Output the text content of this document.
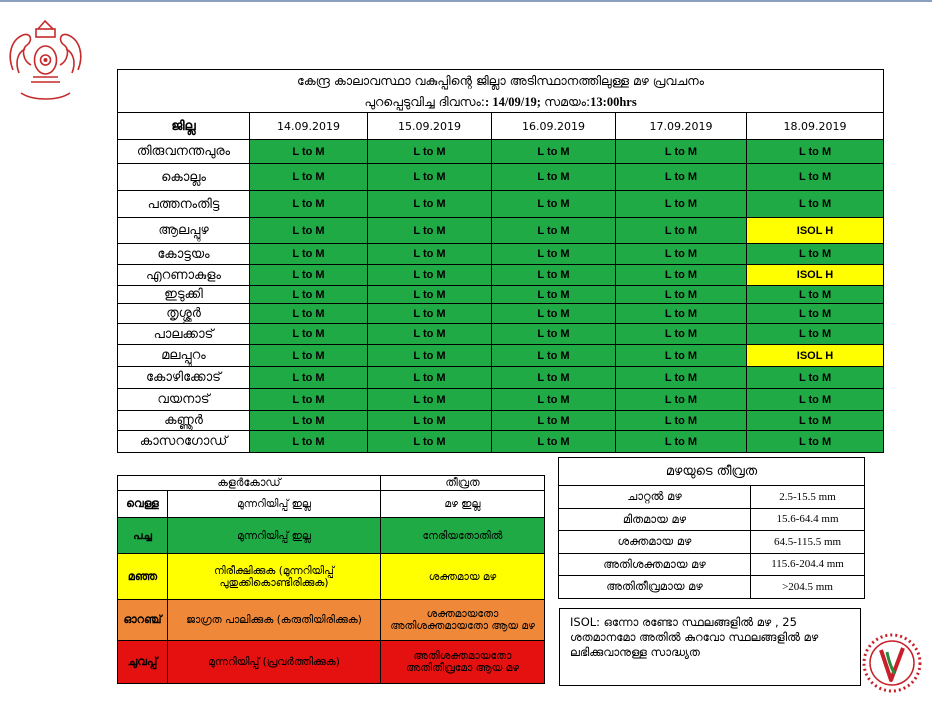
കേന്ദ്ര കാലാവസ്ഥാ വകുപ്പിന്റെ ജില്ലാ അടിസ്ഥാനത്തിലുള്ള മഴ പ്രവചനം					
പുറപ്പെടുവിച്ച ദിവസം:: 14/09/19; സമയം:13:00hrs					
ജില്ല	14.09.2019	15.09.2019	16.09.2019	17.09.2019	18.09.2019
തിരുവനന്തപുരം	L to M	L to M	L to M	L to M	L to M
കൊല്ലം	L to M	L to M	L to M	L to M	L to M
പത്തനംതിട്ട	L to M	L to M	L to M	L to M	L to M
ആലപ്പുഴ	L to M	L to M	L to M	L to M	ISOL H
കോട്ടയം	L to M	L to M	L to M	L to M	L to M
എറണാകുളം	L to M	L to M	L to M	L to M	ISOL H
ഇടുക്കി	L to M	L to M	L to M	L to M	L to M
തൃശ്ശൂർ	L to M	L to M	L to M	L to M	L to M
പാലക്കാട്	L to M	L to M	L to M	L to M	L to M
മലപ്പുറം	L to M	L to M	L to M	L to M	ISOL H
കോഴിക്കോട്	L to M	L to M	L to M	L to M	L to M
വയനാട്	L to M	L to M	L to M	L to M	L to M
കണ്ണൂർ	L to M	L to M	L to M	L to M	L to M
കാസറഗോഡ്	L to M	L to M	L to M	L to M	L to M
കളർകോഡ്		തീവ്രത
വെള്ള	മുന്നറിയിപ്പ് ഇല്ല	മഴ ഇല്ല
പച്ച	മുന്നറിയിപ്പ് ഇല്ല	നേരിയതോതിൽ
മഞ്ഞ	നിരീക്ഷിക്കുക (മുന്നറിയിപ്പ് പുതുക്കികൊണ്ടിരിക്കുക)	ശക്തമായ മഴ
ഓറഞ്ച്	ജാഗ്രത പാലിക്കുക (കരുതിയിരിക്കുക)	ശക്തമായതോ അതിശക്തമായതോ ആയ മഴ
ചുവപ്പ്	മുന്നറിയിപ്പ് (പ്രവർത്തിക്കുക)	അതിശക്തമായതോ അതിതീവ്രമോ ആയ മഴ
മഴയുടെ തീവ്രത	
ചാറ്റൽ മഴ	2.5-15.5 mm
മിതമായ മഴ	15.6-64.4 mm
ശക്തമായ മഴ	64.5-115.5 mm
അതിശക്തമായ മഴ	115.6-204.4 mm
അതിതീവ്രമായ മഴ	>204.5 mm
ISOL: ഒന്നോ രണ്ടോ സ്ഥലങ്ങളിൽ മഴ , 25 ശതമാനമോ അതിൽ കുറവോ സ്ഥലങ്ങളിൽ മഴ ലഭിക്കുവാനുള്ള സാദ്ധ്യത
